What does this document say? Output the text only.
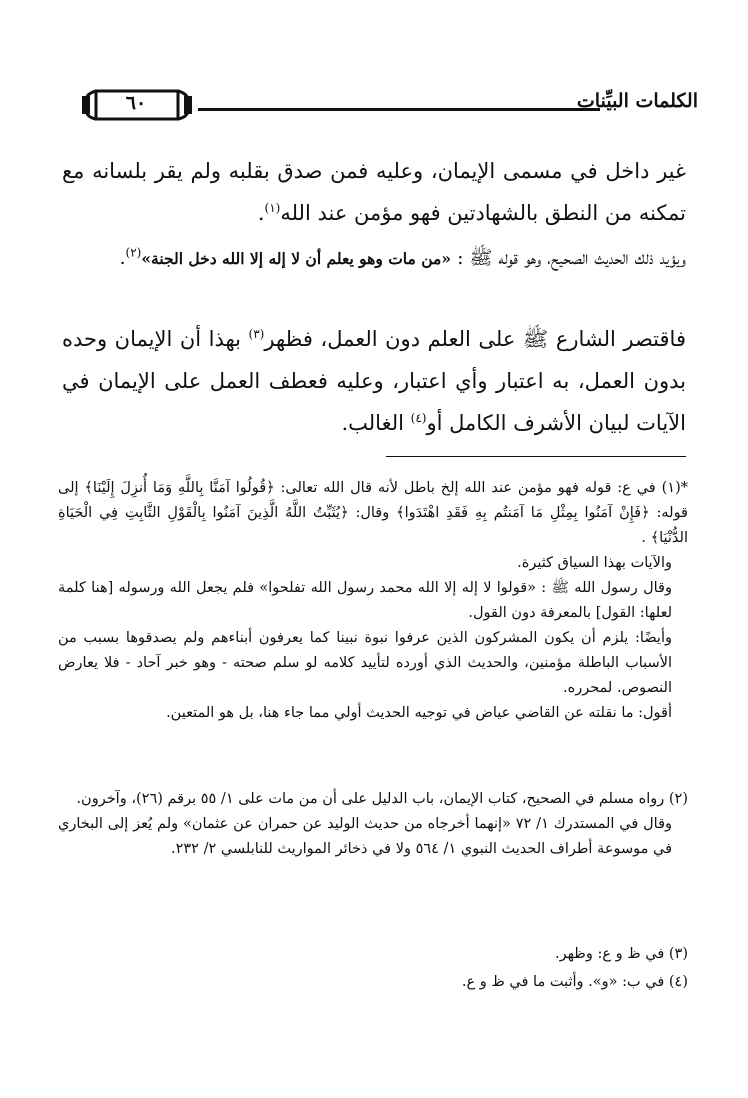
الكلمات البيِّنات
٦٠
غير داخل في مسمى الإيمان، وعليه فمن صدق بقلبه ولم يقر بلسانه مع تمكنه من النطق بالشهادتين فهو مؤمن عند الله$^{(١)}$.
ويؤيد ذلك الحديث الصحيح، وهو قوله ﷺ : «من مات وهو يعلم أن لا إله إلا الله دخل الجنة»$^{(٢)}$.
فاقتصر الشارع ﷺ على العلم دون العمل، فظهر$^{(٣)}$ بهذا أن الإيمان وحده بدون العمل، به اعتبار وأي اعتبار، وعليه فعطف العمل على الإيمان في الآيات لبيان الأشرف الكامل أو$^{(٤)}$ الغالب.
*(١) في ع: قوله فهو مؤمن عند الله إلخ باطل لأنه قال الله تعالى: ﴿قُولُوا آمَنَّا بِاللَّهِ وَمَا أُنزِلَ إِلَيْنَا﴾ إلى قوله: ﴿فَإِنْ آمَنُوا بِمِثْلِ مَا آمَنتُم بِهِ فَقَدِ اهْتَدَوا﴾ وقال: ﴿يُثَبِّتُ اللَّهُ الَّذِينَ آمَنُوا بِالْقَوْلِ الثَّابِتِ فِي الْحَيَاةِ الدُّنْيَا﴾ .
والآيات بهذا السياق كثيرة.
وقال رسول الله ﷺ : «قولوا لا إله إلا الله محمد رسول الله تفلحوا» فلم يجعل الله ورسوله [هنا كلمة لعلها: القول] بالمعرفة دون القول.
وأيضًا: يلزم أن يكون المشركون الذين عرفوا نبوة نبينا كما يعرفون أبناءهم ولم يصدقوها بسبب من الأسباب الباطلة مؤمنين، والحديث الذي أورده لتأييد كلامه لو سلم صحته - وهو خبر آحاد - فلا يعارض النصوص. لمحرره.
أقول: ما نقلته عن القاضي عياض في توجيه الحديث أولي مما جاء هنا، بل هو المتعين.
(٢) رواه مسلم في الصحيح، كتاب الإيمان، باب الدليل على أن من مات على ١/ ٥٥ برقم (٢٦)، وآخرون.
وقال في المستدرك ١/ ٧٢ «إنهما أخرجاه من حديث الوليد عن حمران عن عثمان» ولم يُعز إلى البخاري في موسوعة أطراف الحديث النبوي ١/ ٥٦٤ ولا في ذخائر المواريث للنابلسي ٢/ ٢٣٢.
(٣) في ظ و ع: وظهر.
(٤) في ب: «و». وأثبت ما في ظ و ع.
